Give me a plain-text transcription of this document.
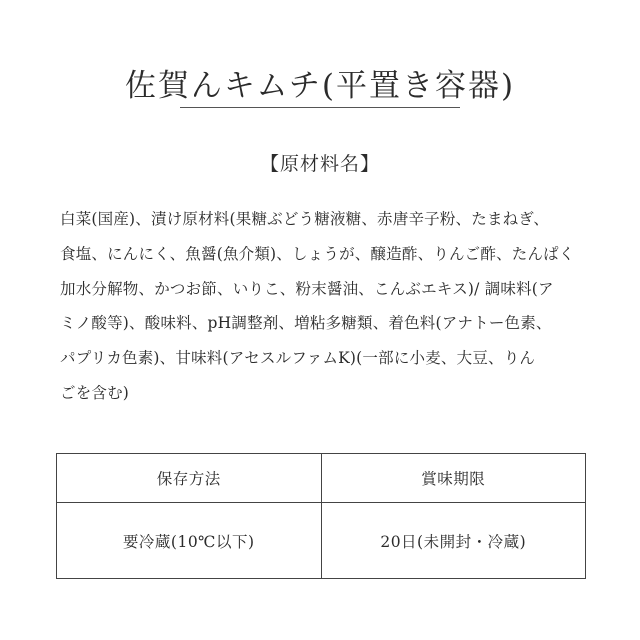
佐賀んキムチ(平置き容器)
【原材料名】

白菜(国産)、漬け原材料(果糖ぶどう糖液糖、赤唐辛子粉、たまねぎ、
食塩、にんにく、魚醤(魚介類)、しょうが、醸造酢、りんご酢、たんぱく
加水分解物、かつお節、いりこ、粉末醤油、こんぶエキス)/ 調味料(ア
ミノ酸等)、酸味料、pH調整剤、増粘多糖類、着色料(アナトー色素、
パプリカ色素)、甘味料(アセスルファムK)(一部に小麦、大豆、りん
ごを含む)

保存方法	賞味期限
要冷蔵(10℃以下)	20日(未開封・冷蔵)
